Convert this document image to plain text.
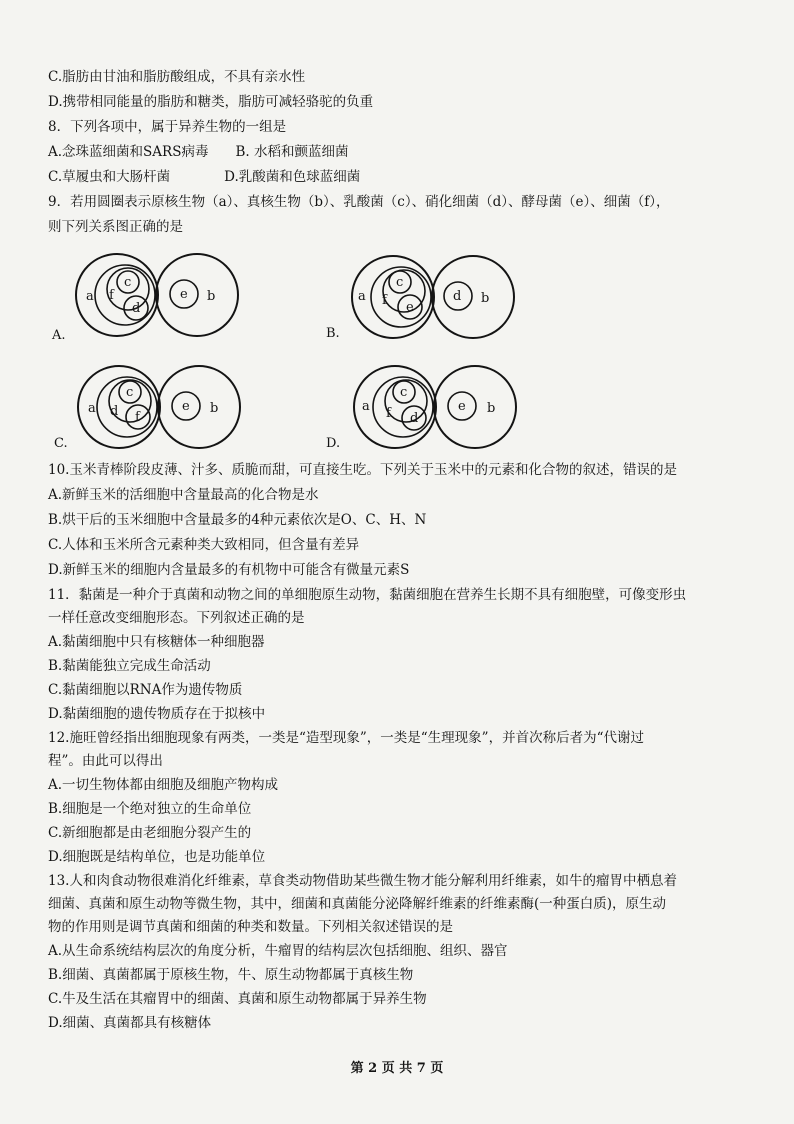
C.脂肪由甘油和脂肪酸组成，不具有亲水性
D.携带相同能量的脂肪和糖类，脂肪可减轻骆驼的负重
8．下列各项中，属于异养生物的一组是
A.念珠蓝细菌和SARS病毒　　B. 水稻和颤蓝细菌
C.草履虫和大肠杆菌　　　　D.乳酸菌和色球蓝细菌
9．若用圆圈表示原核生物（a）、真核生物（b）、乳酸菌（c）、硝化细菌（d）、酵母菌（e）、细菌（f），
则下列关系图正确的是
a
c
f
d
e b
A.
a
c
f e
d b
B.
a
c
d f
e b
C.
a
c
f d
e b
D.
10.玉米青棒阶段皮薄、汁多、质脆而甜，可直接生吃。下列关于玉米中的元素和化合物的叙述，错误的是
A.新鲜玉米的活细胞中含量最高的化合物是水
B.烘干后的玉米细胞中含量最多的4种元素依次是O、C、H、N
C.人体和玉米所含元素种类大致相同，但含量有差异
D.新鲜玉米的细胞内含量最多的有机物中可能含有微量元素S
11．黏菌是一种介于真菌和动物之间的单细胞原生动物，黏菌细胞在营养生长期不具有细胞壁，可像变形虫
一样任意改变细胞形态。下列叙述正确的是
A.黏菌细胞中只有核糖体一种细胞器
B.黏菌能独立完成生命活动
C.黏菌细胞以RNA作为遗传物质
D.黏菌细胞的遗传物质存在于拟核中
12.施旺曾经指出细胞现象有两类，一类是“造型现象”，一类是“生理现象”，并首次称后者为“代谢过
程”。由此可以得出
A.一切生物体都由细胞及细胞产物构成
B.细胞是一个绝对独立的生命单位
C.新细胞都是由老细胞分裂产生的
D.细胞既是结构单位，也是功能单位
13.人和肉食动物很难消化纤维素，草食类动物借助某些微生物才能分解利用纤维素，如牛的瘤胃中栖息着
细菌、真菌和原生动物等微生物，其中，细菌和真菌能分泌降解纤维素的纤维素酶(一种蛋白质)，原生动
物的作用则是调节真菌和细菌的种类和数量。下列相关叙述错误的是
A.从生命系统结构层次的角度分析，牛瘤胃的结构层次包括细胞、组织、器官
B.细菌、真菌都属于原核生物，牛、原生动物都属于真核生物
C.牛及生活在其瘤胃中的细菌、真菌和原生动物都属于异养生物
D.细菌、真菌都具有核糖体
第 2 页 共 7 页
